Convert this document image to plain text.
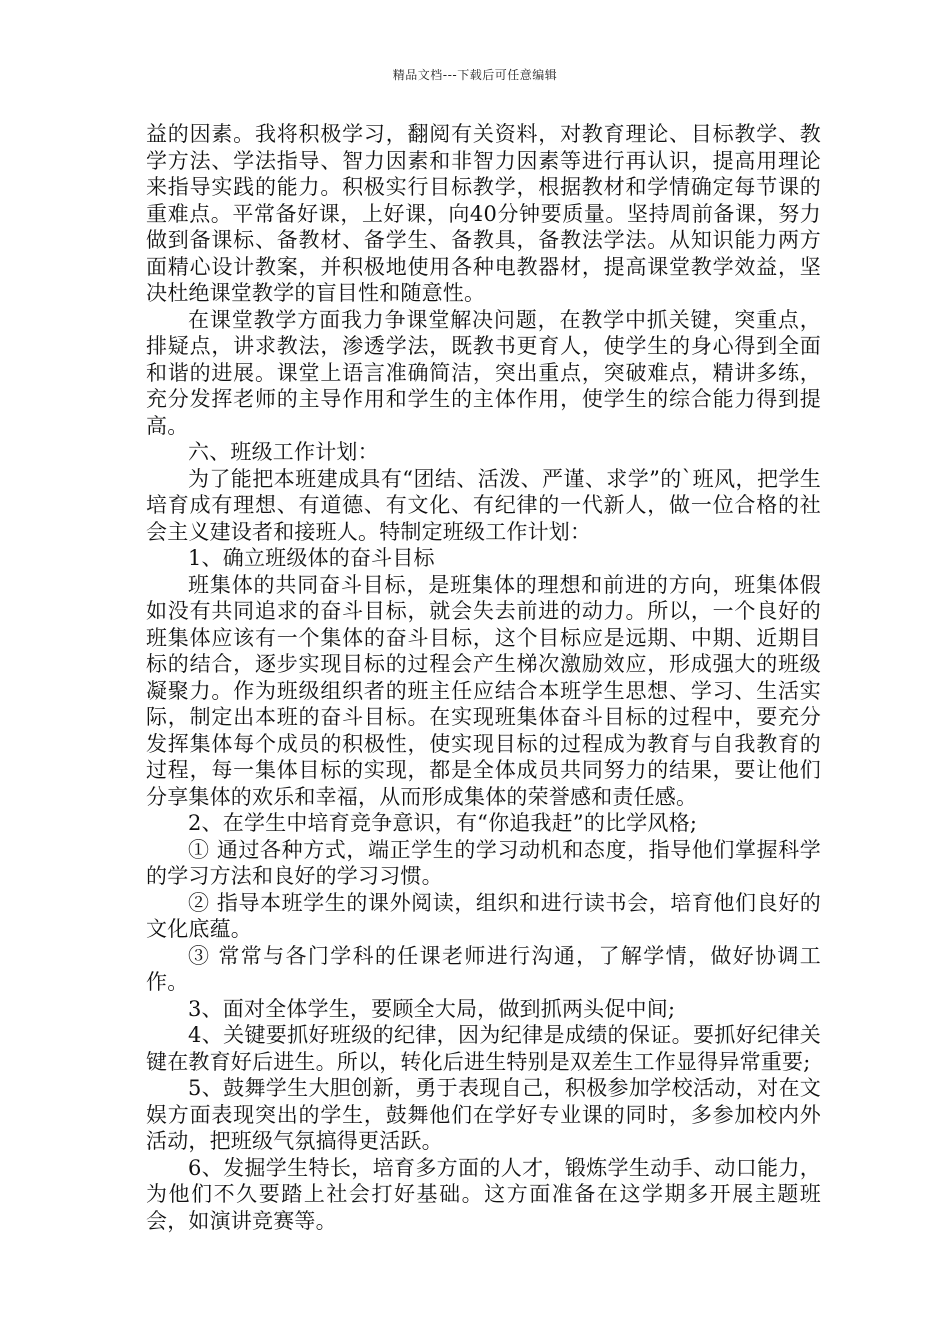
精品文档---下载后可任意编辑

益的因素。我将积极学习，翻阅有关资料，对教育理论、目标教学、教学方法、学法指导、智力因素和非智力因素等进行再认识，提高用理论来指导实践的能力。积极实行目标教学，根据教材和学情确定每节课的重难点。平常备好课，上好课，向40分钟要质量。坚持周前备课，努力做到备课标、备教材、备学生、备教具，备教法学法。从知识能力两方面精心设计教案，并积极地使用各种电教器材，提高课堂教学效益，坚决杜绝课堂教学的盲目性和随意性。

在课堂教学方面我力争课堂解决问题，在教学中抓关键，突重点，排疑点，讲求教法，渗透学法，既教书更育人，使学生的身心得到全面和谐的进展。课堂上语言准确简洁，突出重点，突破难点，精讲多练，充分发挥老师的主导作用和学生的主体作用，使学生的综合能力得到提高。

六、班级工作计划：

为了能把本班建成具有“团结、活泼、严谨、求学”的`班风，把学生培育成有理想、有道德、有文化、有纪律的一代新人，做一位合格的社会主义建设者和接班人。特制定班级工作计划：

1、确立班级体的奋斗目标

班集体的共同奋斗目标，是班集体的理想和前进的方向，班集体假如没有共同追求的奋斗目标，就会失去前进的动力。所以，一个良好的班集体应该有一个集体的奋斗目标，这个目标应是远期、中期、近期目标的结合，逐步实现目标的过程会产生梯次激励效应，形成强大的班级凝聚力。作为班级组织者的班主任应结合本班学生思想、学习、生活实际，制定出本班的奋斗目标。在实现班集体奋斗目标的过程中，要充分发挥集体每个成员的积极性，使实现目标的过程成为教育与自我教育的过程，每一集体目标的实现，都是全体成员共同努力的结果，要让他们分享集体的欢乐和幸福，从而形成集体的荣誉感和责任感。

2、在学生中培育竞争意识，有“你追我赶”的比学风格;

① 通过各种方式，端正学生的学习动机和态度，指导他们掌握科学的学习方法和良好的学习习惯。

② 指导本班学生的课外阅读，组织和进行读书会，培育他们良好的文化底蕴。

③ 常常与各门学科的任课老师进行沟通，了解学情，做好协调工作。

3、面对全体学生，要顾全大局，做到抓两头促中间;

4、关键要抓好班级的纪律，因为纪律是成绩的保证。要抓好纪律关键在教育好后进生。所以，转化后进生特别是双差生工作显得异常重要;

5、鼓舞学生大胆创新，勇于表现自己，积极参加学校活动，对在文娱方面表现突出的学生，鼓舞他们在学好专业课的同时，多参加校内外活动，把班级气氛搞得更活跃。

6、发掘学生特长，培育多方面的人才，锻炼学生动手、动口能力，为他们不久要踏上社会打好基础。这方面准备在这学期多开展主题班会，如演讲竞赛等。
